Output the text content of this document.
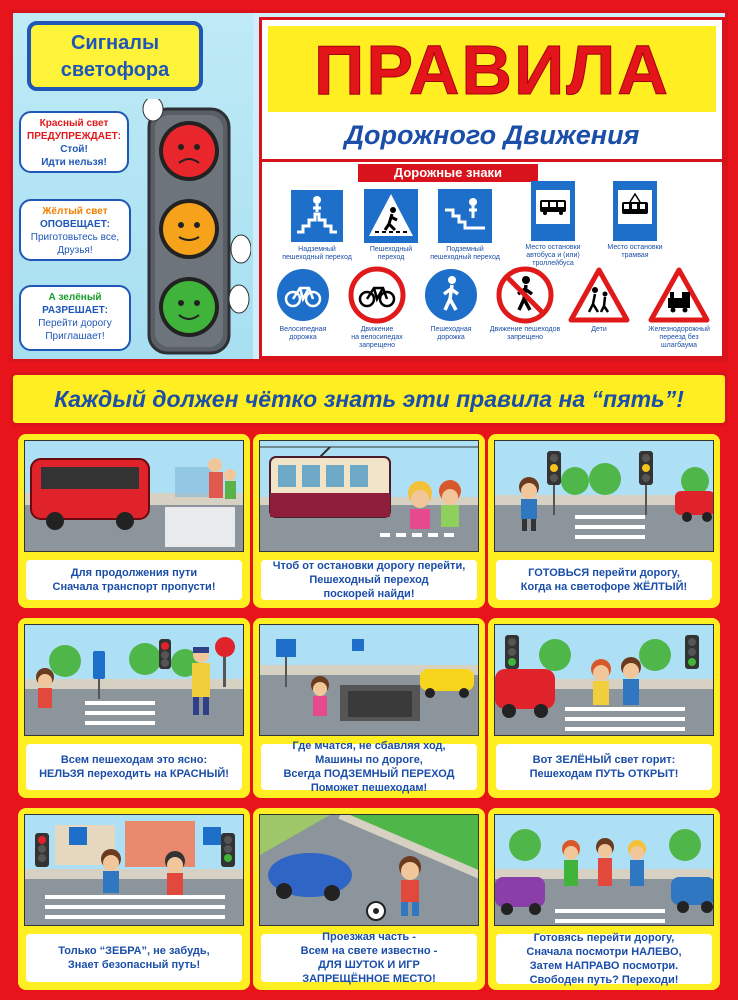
Сигналы
светофора
Красный свет
ПРЕДУПРЕЖДАЕТ:
Стой!
Идти нельзя!
Жёлтый свет
ОПОВЕЩАЕТ:
Приготовьтесь все,
Друзья!
А зелёный
РАЗРЕШАЕТ:
Перейти дорогу
Приглашает!
ПРАВИЛА
Дорожные знаки
Надземный
пешеходный переход
Пешеходный
переход
Подземный
пешеходный переход
Место остановки
автобуса и (или)
троллейбуса
Место остановки
трамвая
Велосипедная
дорожка
Движение
на велосипедах
запрещено
Пешеходная
дорожка
Движение пешеходов
запрещено
Дети	Железнодорожный
переезд без
шлагбаума
Дорожного Движения
Каждый должен чётко знать эти правила на “пять”!
Для продолжения пути
Сначала транспорт пропусти!
Чтоб от остановки дорогу перейти,
Пешеходный переход
поскорей найди!
ГОТОВЬСЯ перейти дорогу,
Когда на светофоре ЖЁЛТЫЙ!
Всем пешеходам это ясно:
НЕЛЬЗЯ переходить на КРАСНЫЙ!
Где мчатся, не сбавляя ход,
Машины по дороге,
Всегда ПОДЗЕМНЫЙ ПЕРЕХОД
Поможет пешеходам!
Вот ЗЕЛЁНЫЙ свет горит:
Пешеходам ПУТЬ ОТКРЫТ!
Только “ЗЕБРА”, не забудь,
Знает безопасный путь!
Проезжая часть -
Всем на свете известно -
ДЛЯ ШУТОК И ИГР
ЗАПРЕЩЁННОЕ МЕСТО!
Готовясь перейти дорогу,
Сначала посмотри НАЛЕВО,
Затем НАПРАВО посмотри.
Свободен путь? Переходи!
